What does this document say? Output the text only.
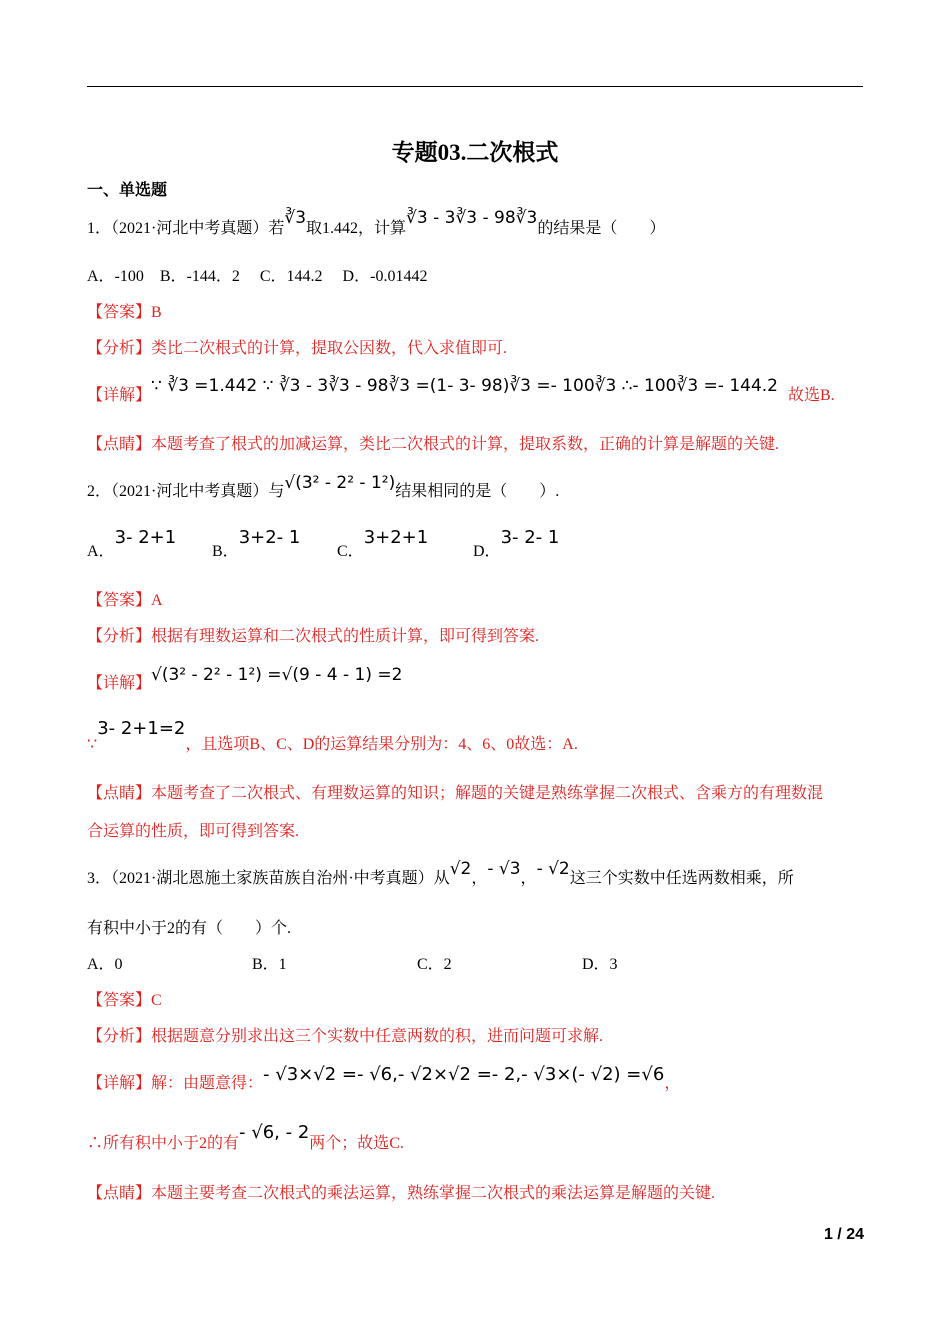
专题03.二次根式
一、单选题
1．（2021·河北中考真题）若∛3取1.442，计算∛3 - 3∛3 - 98∛3的结果是（　　）
A．-100　B．-144．2　 C．144.2　 D．-0.01442
【答案】B
【分析】类比二次根式的计算，提取公因数，代入求值即可.
【详解】∵ ∛3 =1.442 ∵ ∛3 - 3∛3 - 98∛3 =(1- 3- 98)∛3 =- 100∛3 ∴- 100∛3 =- 144.2 故选B.
【点睛】本题考查了根式的加减运算，类比二次根式的计算，提取系数，正确的计算是解题的关键.
2．（2021·河北中考真题）与√(3² - 2² - 1²)结果相同的是（　　）.
A．3- 2+1
B．3+2- 1
C．3+2+1
D．3- 2- 1
【答案】A
【分析】根据有理数运算和二次根式的性质计算，即可得到答案.
【详解】√(3² - 2² - 1²) =√(9 - 4 - 1) =2
∵3- 2+1=2，且选项B、C、D的运算结果分别为：4、6、0故选：A.
【点睛】本题考查了二次根式、有理数运算的知识；解题的关键是熟练掌握二次根式、含乘方的有理数混
合运算的性质，即可得到答案.
3．（2021·湖北恩施土家族苗族自治州·中考真题）从√2，- √3，- √2这三个实数中任选两数相乘，所
有积中小于2的有（　　）个.
A．0	B．1	C．2	D．3
【答案】C
【分析】根据题意分别求出这三个实数中任意两数的积，进而问题可求解.
【详解】解：由题意得：- √3×√2 =- √6,- √2×√2 =- 2,- √3×(- √2) =√6，
∴所有积中小于2的有- √6, - 2两个；故选C.
【点睛】本题主要考查二次根式的乘法运算，熟练掌握二次根式的乘法运算是解题的关键.
1 / 24
